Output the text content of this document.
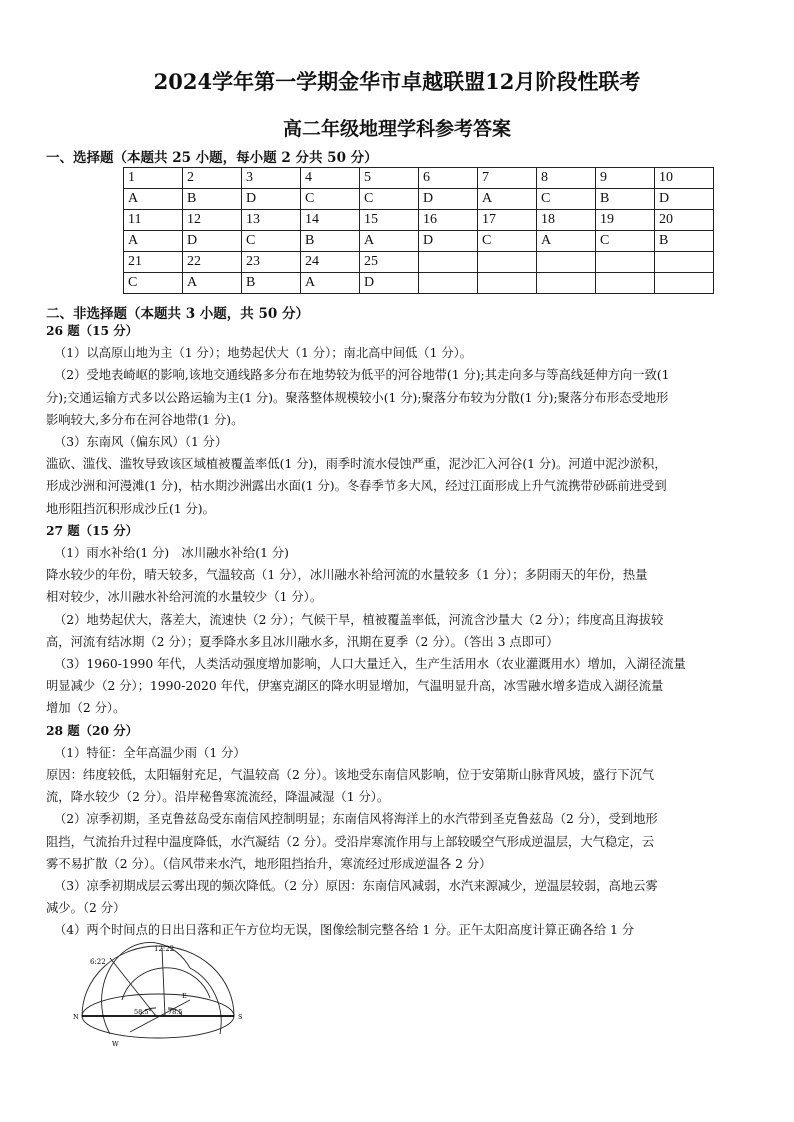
2024学年第一学期金华市卓越联盟12月阶段性联考
高二年级地理学科参考答案
一、选择题（本题共 25 小题，每小题 2 分共 50 分）
1	2	3	4	5	6	7	8	9	10
A	B	D	C	C	D	A	C	B	D
11	12	13	14	15	16	17	18	19	20
A	D	C	B	A	D	C	A	C	B
21	22	23	24	25					
C	A	B	A	D					
二、非选择题（本题共 3 小题，共 50 分）

26 题（15 分）

（1）以高原山地为主（1 分）；地势起伏大（1 分）；南北高中间低（1 分）。

（2）受地表崎岖的影响,该地交通线路多分布在地势较为低平的河谷地带(1 分);其走向多与等高线延伸方向一致(1

分);交通运输方式多以公路运输为主(1 分)。聚落整体规模较小(1 分);聚落分布较为分散(1 分);聚落分布形态受地形

影响较大,多分布在河谷地带(1 分)。

（3）东南风（偏东风）（1 分）

滥砍、滥伐、滥牧导致该区域植被覆盖率低(1 分)，雨季时流水侵蚀严重，泥沙汇入河谷(1 分)。河道中泥沙淤积，

形成沙洲和河漫滩(1 分)，枯水期沙洲露出水面(1 分)。冬春季节多大风，经过江面形成上升气流携带砂砾前进受到

地形阻挡沉积形成沙丘(1 分)。

27 题（15 分）

（1）雨水补给(1 分)　冰川融水补给(1 分)

降水较少的年份，晴天较多，气温较高（1 分），冰川融水补给河流的水量较多（1 分）；多阴雨天的年份，热量

相对较少，冰川融水补给河流的水量较少（1 分）。

（2）地势起伏大，落差大，流速快（2 分）；气候干旱，植被覆盖率低，河流含沙量大（2 分）；纬度高且海拔较

高，河流有结冰期（2 分）；夏季降水多且冰川融水多，汛期在夏季（2 分）。（答出 3 点即可）

（3）1960-1990 年代，人类活动强度增加影响，人口大量迁入，生产生活用水（农业灌溉用水）增加，入湖径流量

明显减少（2 分）；1990-2020 年代，伊塞克湖区的降水明显增加，气温明显升高，冰雪融水增多造成入湖径流量

增加（2 分）。

28 题（20 分）

（1）特征：全年高温少雨（1 分）

原因：纬度较低，太阳辐射充足，气温较高（2 分）。该地受东南信风影响，位于安第斯山脉背风坡，盛行下沉气

流，降水较少（2 分）。沿岸秘鲁寒流流经，降温减湿（1 分）。

（2）凉季初期，圣克鲁兹岛受东南信风控制明显；东南信风将海洋上的水汽带到圣克鲁兹岛（2 分），受到地形

阻挡，气流抬升过程中温度降低，水汽凝结（2 分）。受沿岸寒流作用与上部较暖空气形成逆温层，大气稳定，云

雾不易扩散（2 分）。（信风带来水汽，地形阻挡抬升，寒流经过形成逆温各 2 分）

（3）凉季初期成层云雾出现的频次降低。（2 分）原因：东南信风减弱，水汽来源减少，逆温层较弱，高地云雾

减少。（2 分）

（4）两个时间点的日出日落和正午方位均无误，图像绘制完整各给 1 分。正午太阳高度计算正确各给 1 分

6:22
12:22
58.5°	78.5
N	S
W
E
